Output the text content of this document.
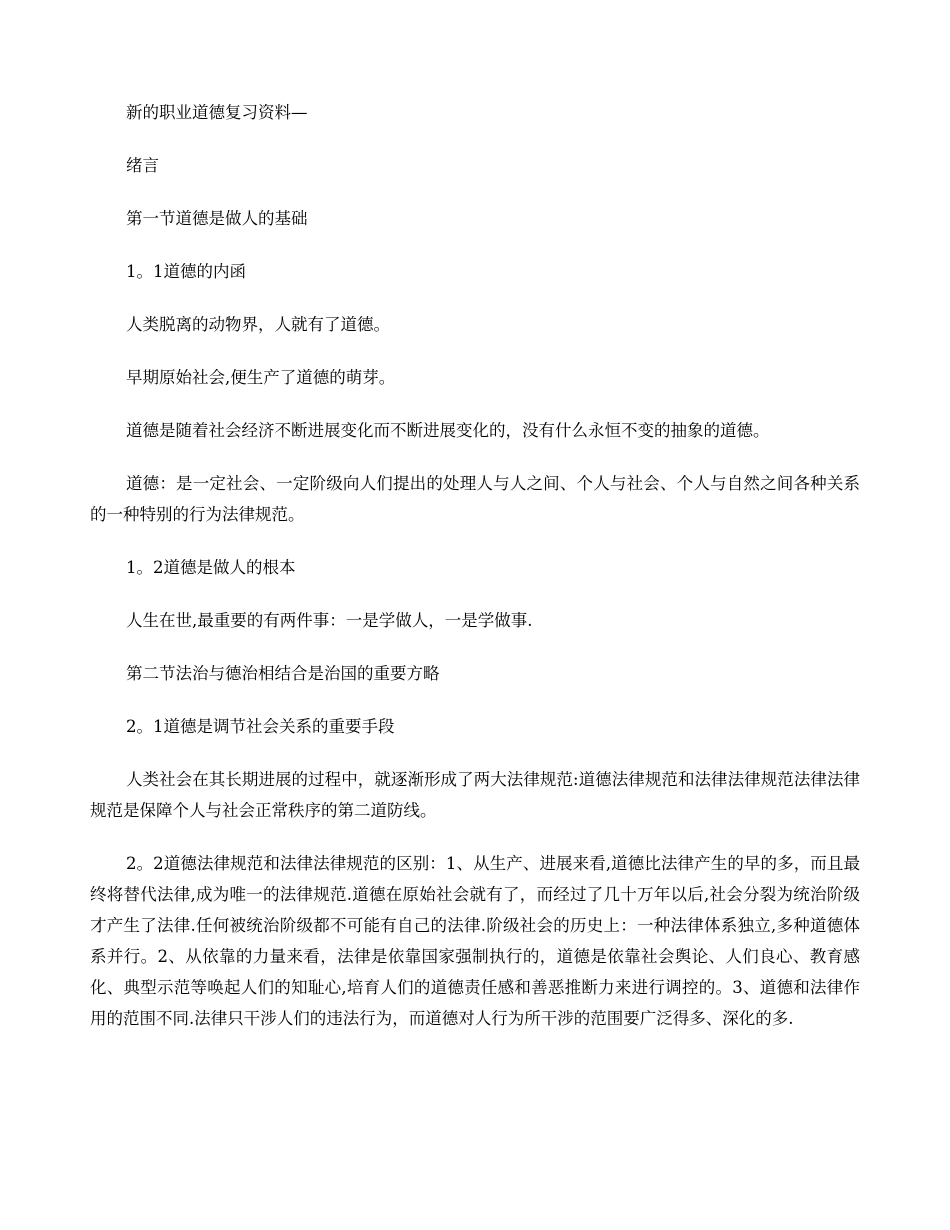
新的职业道德复习资料—

绪言

第一节道德是做人的基础

1。1道德的内函

人类脱离的动物界，人就有了道德。

早期原始社会,便生产了道德的萌芽。

道德是随着社会经济不断进展变化而不断进展变化的，没有什么永恒不变的抽象的道德。

道德：是一定社会、一定阶级向人们提出的处理人与人之间、个人与社会、个人与自然之间各种关系的一种特别的行为法律规范。

1。2道德是做人的根本

人生在世,最重要的有两件事：一是学做人，一是学做事.

第二节法治与德治相结合是治国的重要方略

2。1道德是调节社会关系的重要手段

人类社会在其长期进展的过程中，就逐渐形成了两大法律规范:道德法律规范和法律法律规范法律法律规范是保障个人与社会正常秩序的第二道防线。

2。2道德法律规范和法律法律规范的区别：1、从生产、进展来看,道德比法律产生的早的多，而且最终将替代法律,成为唯一的法律规范.道德在原始社会就有了，而经过了几十万年以后,社会分裂为统治阶级才产生了法律.任何被统治阶级都不可能有自己的法律.阶级社会的历史上：一种法律体系独立,多种道德体系并行。2、从依靠的力量来看，法律是依靠国家强制执行的，道德是依靠社会舆论、人们良心、教育感化、典型示范等唤起人们的知耻心,培育人们的道德责任感和善恶推断力来进行调控的。3、道德和法律作用的范围不同.法律只干涉人们的违法行为，而道德对人行为所干涉的范围要广泛得多、深化的多.
